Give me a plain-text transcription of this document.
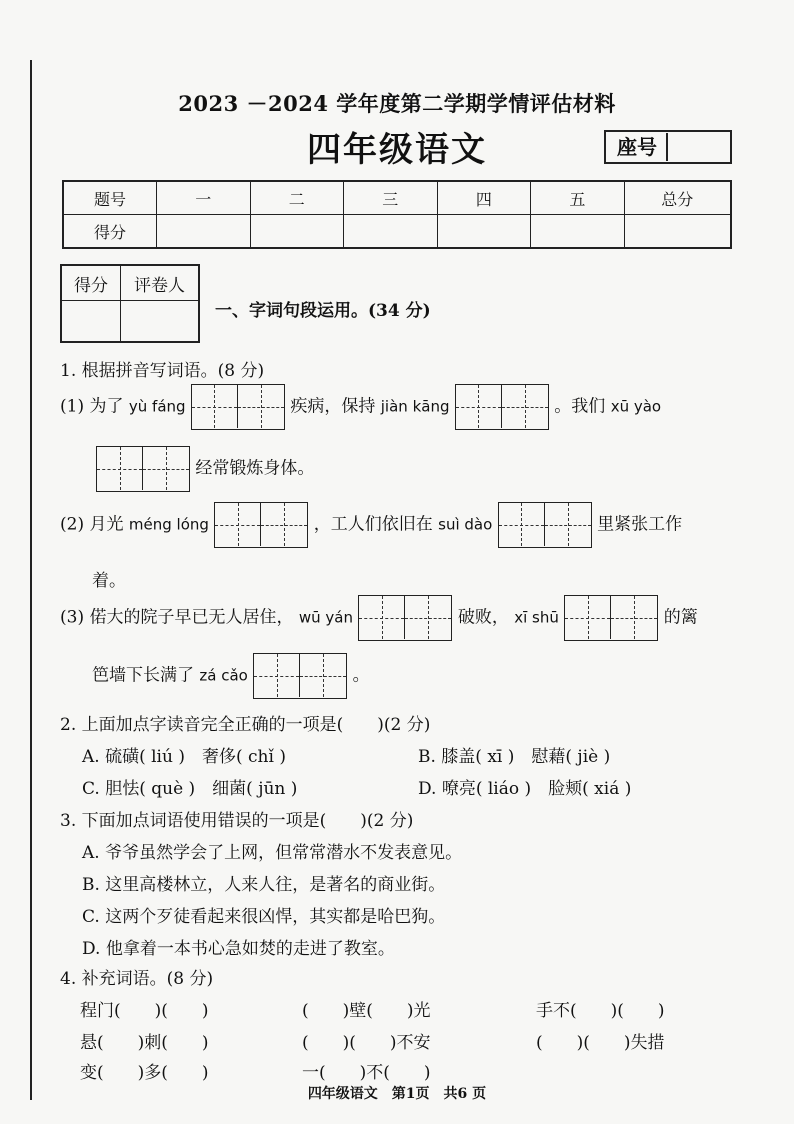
2023 －2024 学年度第二学期学情评估材料
四年级语文	座号
题号	一	二	三	四	五	总分
得分						
得分	评卷人

一、字词句段运用。(34 分)
1. 根据拼音写词语。(8 分)
(1) 为了 yù fáng	疾病，保持 jiàn kāng	。我们 xū yào
经常锻炼身体。
(2) 月光 méng lóng	，工人们依旧在 suì dào	里紧张工作
着。
(3) 偌大的院子早已无人居住， wū yán	破败， xī shū	的篱
笆墙下长满了 zá cǎo	。
2. 上面加点字读音完全正确的一项是(　　)(2 分)
A. 硫磺( liú )　奢侈( chǐ )	B. 膝盖( xī )　慰藉( jiè )
C. 胆怯( què )　细菌( jūn )	D. 嘹亮( liáo )　脸颊( xiá )
3. 下面加点词语使用错误的一项是(　　)(2 分)
A. 爷爷虽然学会了上网，但常常潜水不发表意见。
B. 这里高楼林立，人来人往，是著名的商业街。
C. 这两个歹徒看起来很凶悍，其实都是哈巴狗。
D. 他拿着一本书心急如焚的走进了教室。
4. 补充词语。(8 分)
程门(　　)(　　)	(　　)壁(　　)光	手不(　　)(　　)
悬(　　)刺(　　)	(　　)(　　)不安	(　　)(　　)失措
变(　　)多(　　)	一(　　)不(　　)
四年级语文　第1页　共6 页
